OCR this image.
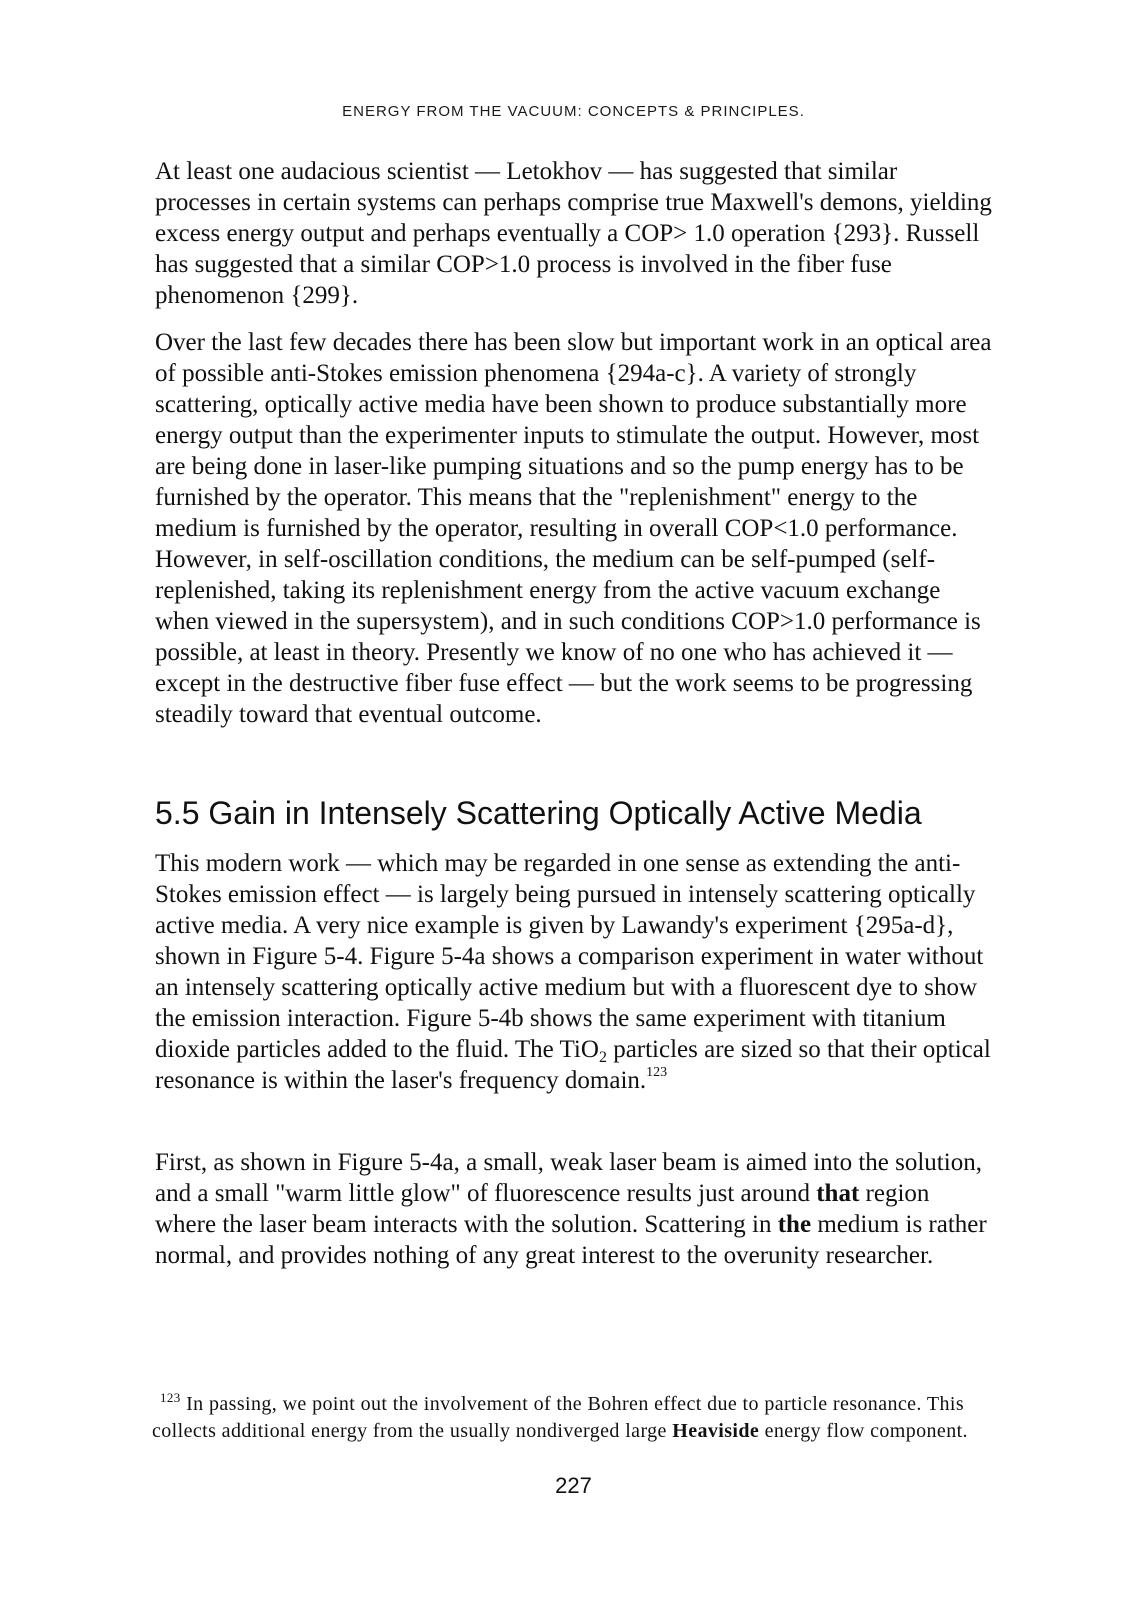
ENERGY FROM THE VACUUM: CONCEPTS & PRINCIPLES.

At least one audacious scientist — Letokhov — has suggested that similar processes in certain systems can perhaps comprise true Maxwell's demons, yielding excess energy output and perhaps eventually a COP> 1.0 operation {293}. Russell has suggested that a similar COP>1.0 process is involved in the fiber fuse phenomenon {299}.

Over the last few decades there has been slow but important work in an optical area of possible anti-Stokes emission phenomena {294a-c}. A variety of strongly scattering, optically active media have been shown to produce substantially more energy output than the experimenter inputs to stimulate the output. However, most are being done in laser-like pumping situations and so the pump energy has to be furnished by the operator. This means that the "replenishment" energy to the medium is furnished by the operator, resulting in overall COP<1.0 performance. However, in self-oscillation conditions, the medium can be self-pumped (self-replenished, taking its replenishment energy from the active vacuum exchange when viewed in the supersystem), and in such conditions COP>1.0 performance is possible, at least in theory. Presently we know of no one who has achieved it — except in the destructive fiber fuse effect — but the work seems to be progressing steadily toward that eventual outcome.

5.5 Gain in Intensely Scattering Optically Active Media

This modern work — which may be regarded in one sense as extending the anti-Stokes emission effect — is largely being pursued in intensely scattering optically active media. A very nice example is given by Lawandy's experiment {295a-d}, shown in Figure 5-4. Figure 5-4a shows a comparison experiment in water without an intensely scattering optically active medium but with a fluorescent dye to show the emission interaction. Figure 5-4b shows the same experiment with titanium dioxide particles added to the fluid. The TiO$_2$ particles are sized so that their optical resonance is within the laser's frequency domain.$^{123}$

First, as shown in Figure 5-4a, a small, weak laser beam is aimed into the solution, and a small "warm little glow" of fluorescence results just around that region where the laser beam interacts with the solution. Scattering in the medium is rather normal, and provides nothing of any great interest to the overunity researcher.

$^{123}$ In passing, we point out the involvement of the Bohren effect due to particle resonance. This collects additional energy from the usually nondiverged large Heaviside energy flow component.

227
